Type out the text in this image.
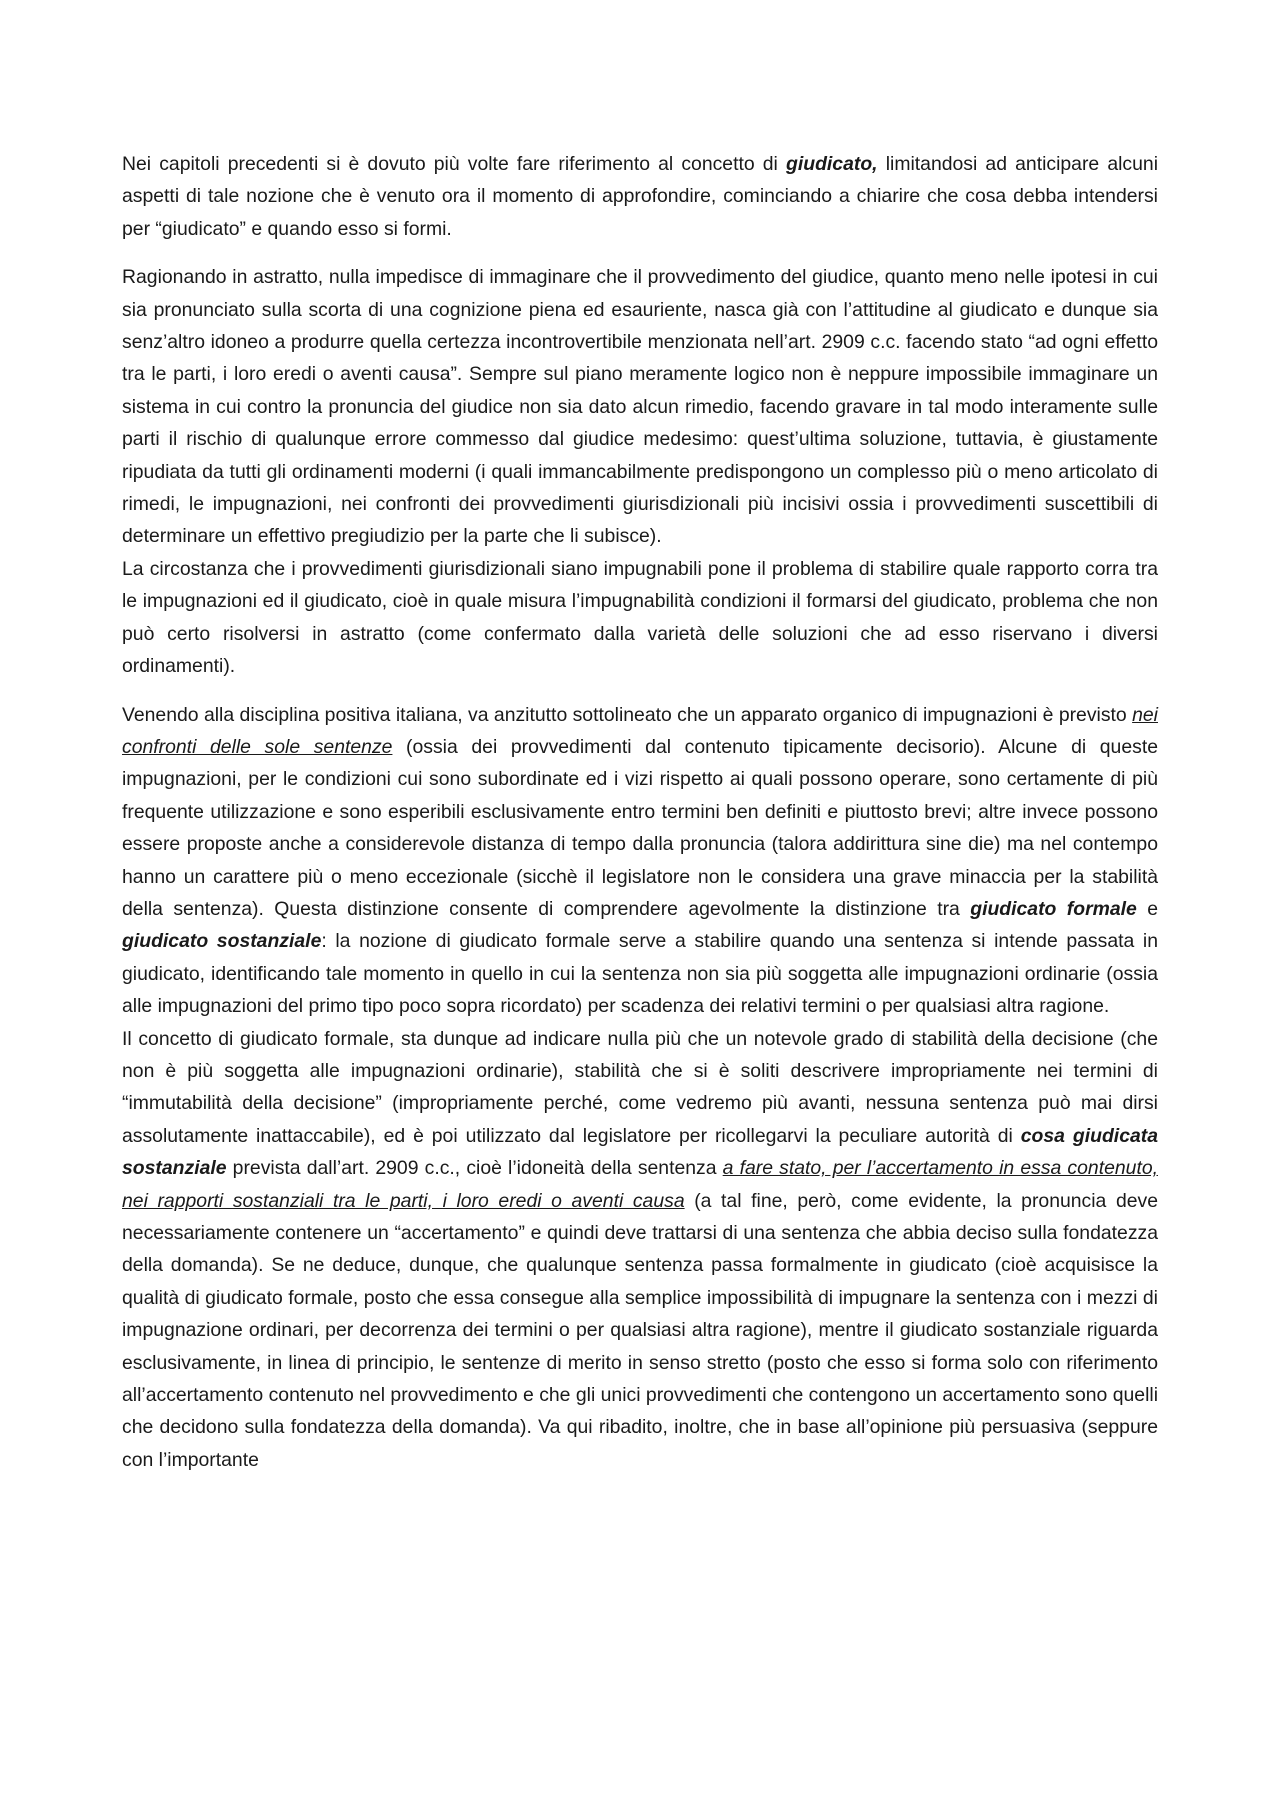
Nei capitoli precedenti si è dovuto più volte fare riferimento al concetto di giudicato, limitandosi ad anticipare alcuni aspetti di tale nozione che è venuto ora il momento di approfondire, cominciando a chiarire che cosa debba intendersi per “giudicato” e quando esso si formi.

Ragionando in astratto, nulla impedisce di immaginare che il provvedimento del giudice, quanto meno nelle ipotesi in cui sia pronunciato sulla scorta di una cognizione piena ed esauriente, nasca già con l’attitudine al giudicato e dunque sia senz’altro idoneo a produrre quella certezza incontrovertibile menzionata nell’art. 2909 c.c. facendo stato “ad ogni effetto tra le parti, i loro eredi o aventi causa”. Sempre sul piano meramente logico non è neppure impossibile immaginare un sistema in cui contro la pronuncia del giudice non sia dato alcun rimedio, facendo gravare in tal modo interamente sulle parti il rischio di qualunque errore commesso dal giudice medesimo: quest’ultima soluzione, tuttavia, è giustamente ripudiata da tutti gli ordinamenti moderni (i quali immancabilmente predispongono un complesso più o meno articolato di rimedi, le impugnazioni, nei confronti dei provvedimenti giurisdizionali più incisivi ossia i provvedimenti suscettibili di determinare un effettivo pregiudizio per la parte che li subisce).

La circostanza che i provvedimenti giurisdizionali siano impugnabili pone il problema di stabilire quale rapporto corra tra le impugnazioni ed il giudicato, cioè in quale misura l’impugnabilità condizioni il formarsi del giudicato, problema che non può certo risolversi in astratto (come confermato dalla varietà delle soluzioni che ad esso riservano i diversi ordinamenti).

Venendo alla disciplina positiva italiana, va anzitutto sottolineato che un apparato organico di impugnazioni è previsto nei confronti delle sole sentenze (ossia dei provvedimenti dal contenuto tipicamente decisorio). Alcune di queste impugnazioni, per le condizioni cui sono subordinate ed i vizi rispetto ai quali possono operare, sono certamente di più frequente utilizzazione e sono esperibili esclusivamente entro termini ben definiti e piuttosto brevi; altre invece possono essere proposte anche a considerevole distanza di tempo dalla pronuncia (talora addirittura sine die) ma nel contempo hanno un carattere più o meno eccezionale (sicchè il legislatore non le considera una grave minaccia per la stabilità della sentenza). Questa distinzione consente di comprendere agevolmente la distinzione tra giudicato formale e giudicato sostanziale: la nozione di giudicato formale serve a stabilire quando una sentenza si intende passata in giudicato, identificando tale momento in quello in cui la sentenza non sia più soggetta alle impugnazioni ordinarie (ossia alle impugnazioni del primo tipo poco sopra ricordato) per scadenza dei relativi termini o per qualsiasi altra ragione.

Il concetto di giudicato formale, sta dunque ad indicare nulla più che un notevole grado di stabilità della decisione (che non è più soggetta alle impugnazioni ordinarie), stabilità che si è soliti descrivere impropriamente nei termini di “immutabilità della decisione” (impropriamente perché, come vedremo più avanti, nessuna sentenza può mai dirsi assolutamente inattaccabile), ed è poi utilizzato dal legislatore per ricollegarvi la peculiare autorità di cosa giudicata sostanziale prevista dall’art. 2909 c.c., cioè l’idoneità della sentenza a fare stato, per l’accertamento in essa contenuto, nei rapporti sostanziali tra le parti, i loro eredi o aventi causa (a tal fine, però, come evidente, la pronuncia deve necessariamente contenere un “accertamento” e quindi deve trattarsi di una sentenza che abbia deciso sulla fondatezza della domanda). Se ne deduce, dunque, che qualunque sentenza passa formalmente in giudicato (cioè acquisisce la qualità di giudicato formale, posto che essa consegue alla semplice impossibilità di impugnare la sentenza con i mezzi di impugnazione ordinari, per decorrenza dei termini o per qualsiasi altra ragione), mentre il giudicato sostanziale riguarda esclusivamente, in linea di principio, le sentenze di merito in senso stretto (posto che esso si forma solo con riferimento all’accertamento contenuto nel provvedimento e che gli unici provvedimenti che contengono un accertamento sono quelli che decidono sulla fondatezza della domanda). Va qui ribadito, inoltre, che in base all’opinione più persuasiva (seppure con l’importante
